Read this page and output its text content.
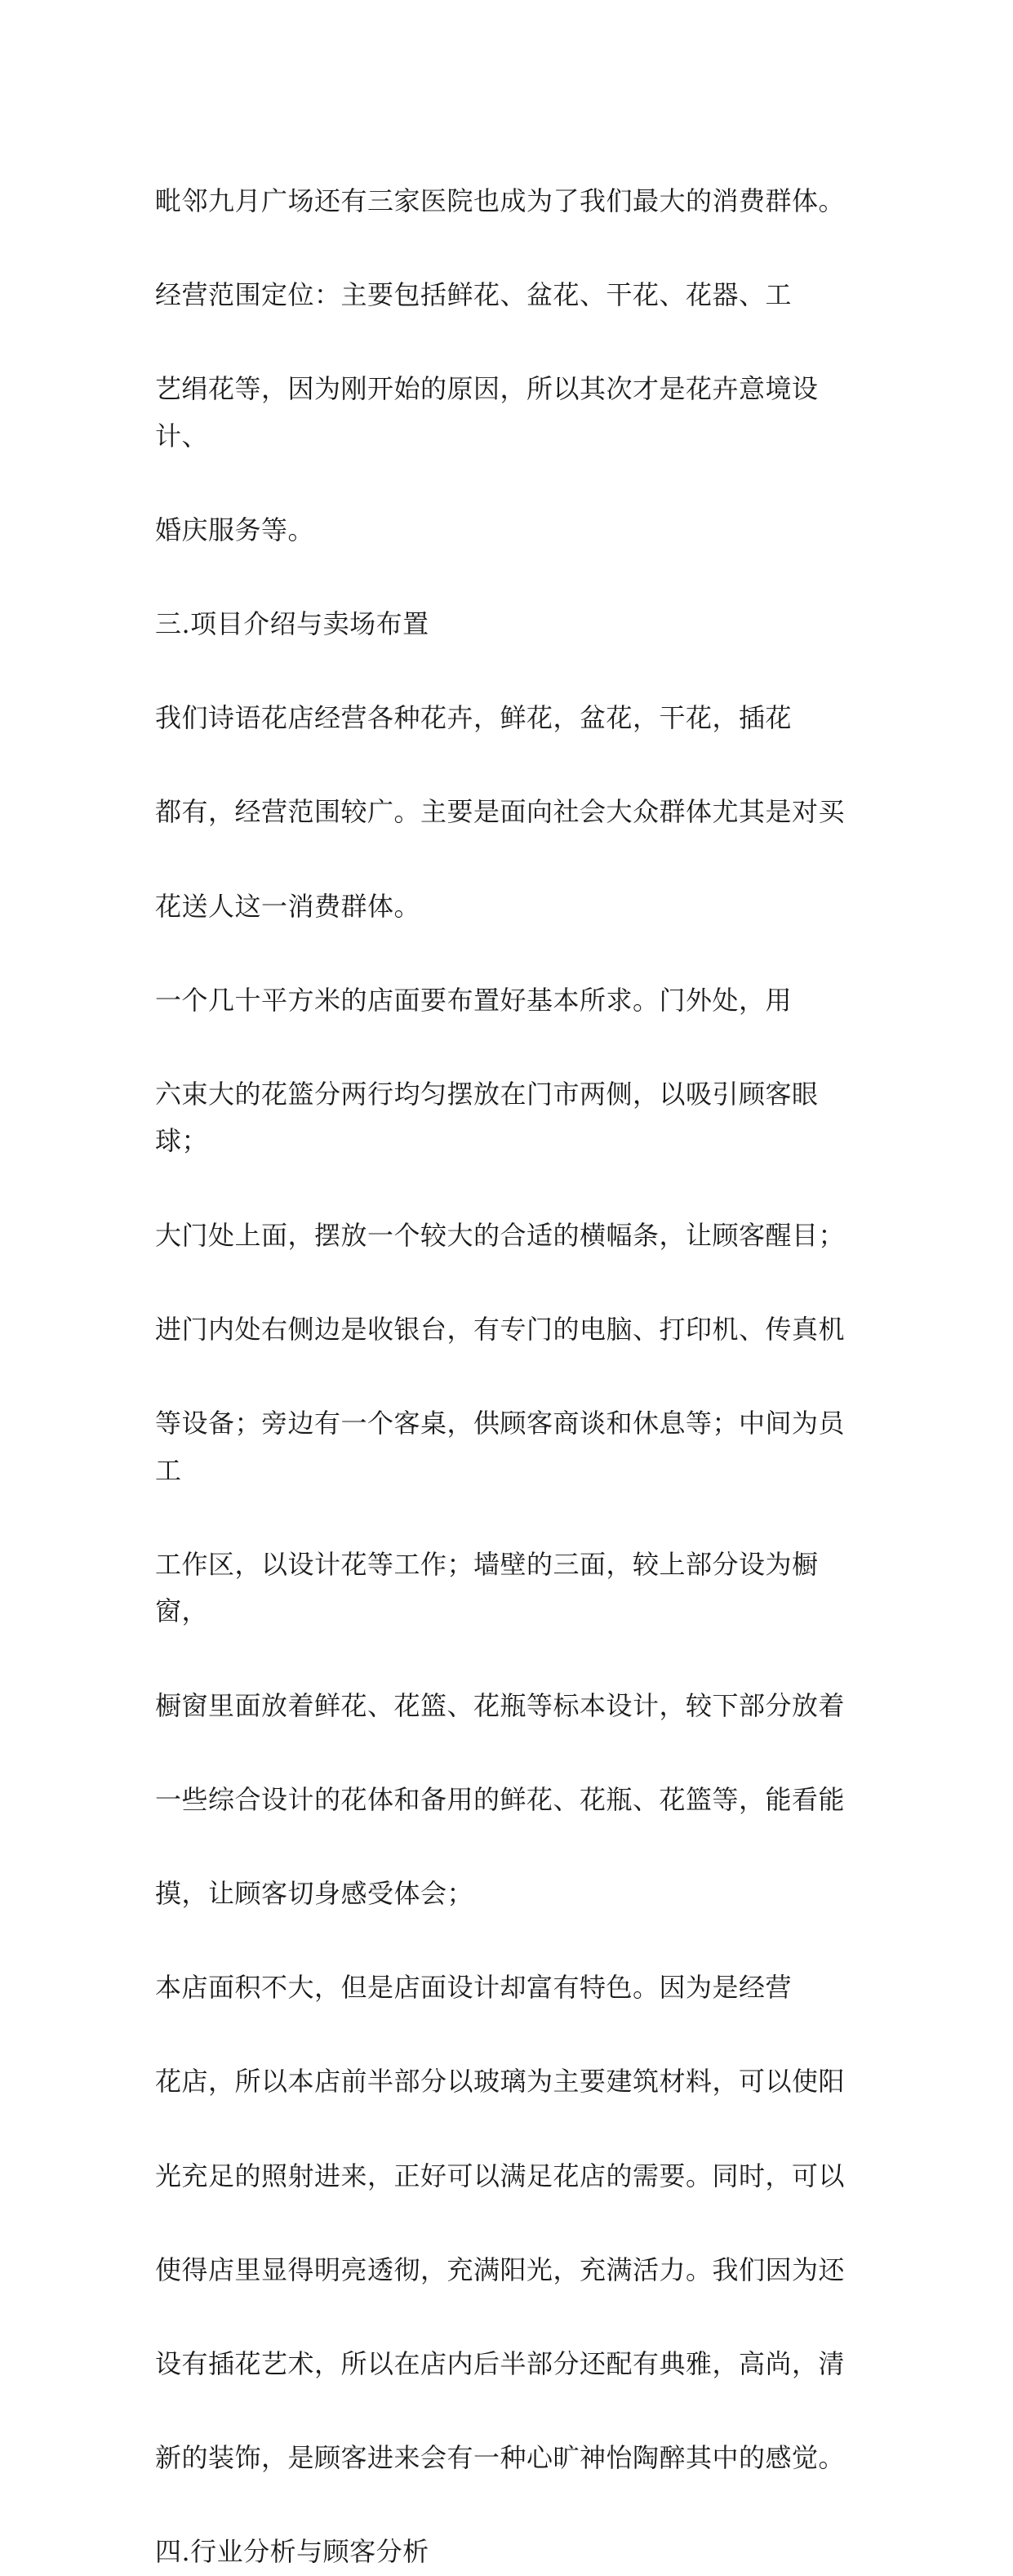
毗邻九月广场还有三家医院也成为了我们最大的消费群体。

经营范围定位：主要包括鲜花、盆花、干花、花器、工

艺绢花等，因为刚开始的原因，所以其次才是花卉意境设计、

婚庆服务等。

三.项目介绍与卖场布置

我们诗语花店经营各种花卉，鲜花，盆花，干花，插花

都有，经营范围较广。主要是面向社会大众群体尤其是对买

花送人这一消费群体。

一个几十平方米的店面要布置好基本所求。门外处，用

六束大的花篮分两行均匀摆放在门市两侧，以吸引顾客眼球；

大门处上面，摆放一个较大的合适的横幅条，让顾客醒目；

进门内处右侧边是收银台，有专门的电脑、打印机、传真机

等设备；旁边有一个客桌，供顾客商谈和休息等；中间为员工

工作区，以设计花等工作；墙壁的三面，较上部分设为橱窗，

橱窗里面放着鲜花、花篮、花瓶等标本设计，较下部分放着

一些综合设计的花体和备用的鲜花、花瓶、花篮等，能看能

摸，让顾客切身感受体会；

本店面积不大，但是店面设计却富有特色。因为是经营

花店，所以本店前半部分以玻璃为主要建筑材料，可以使阳

光充足的照射进来，正好可以满足花店的需要。同时，可以

使得店里显得明亮透彻，充满阳光，充满活力。我们因为还

设有插花艺术，所以在店内后半部分还配有典雅，高尚，清

新的装饰，是顾客进来会有一种心旷神怡陶醉其中的感觉。

四.行业分析与顾客分析
